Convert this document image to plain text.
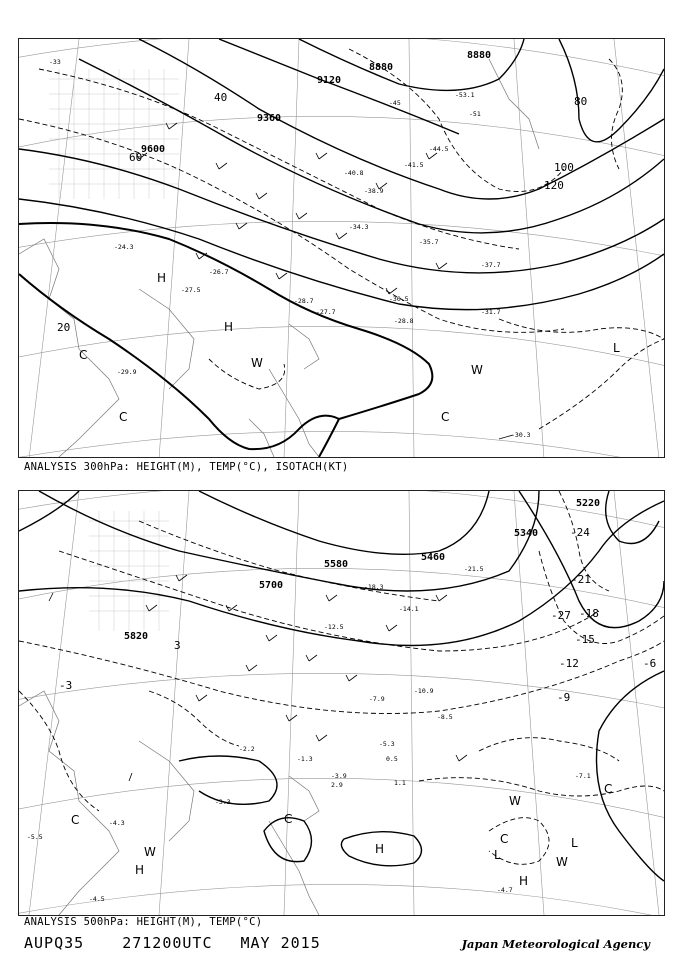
8880
8880
9120
9360
9600
20
40
60
80
100
120
H
H
L
W	W
C
C	C
-33
-41.5
-44.5
-45
-51
-53.1
-40.8
-38.9
-34.3
-35.7
-37.7
-30.5
-28.7
-27.7
-28.8
-29.9
-31.7
-30.3
-24.3
-26.7
-27.5
ANALYSIS 300hPa: HEIGHT(M), TEMP(°C), ISOTACH(KT)
5220
5340
5460
5580
5700
5820
-27
-24
-21
-18
-15
-12
-9
-6
-3
3
H
H
H
L
L
W
W
W
C	C
C
C
-21.5
-18.3
-14.1
-12.5
-10.9
-8.5
-7.9
-5.3
-3.9
-3.3
-2.2
-1.3
-4.5
-7.1
-4.7
-4.3
-5.5
0.5
1.1
2.9
ANALYSIS 500hPa: HEIGHT(M), TEMP(°C)
AUPQ35	271200UTC MAY 2015	Japan Meteorological Agency
